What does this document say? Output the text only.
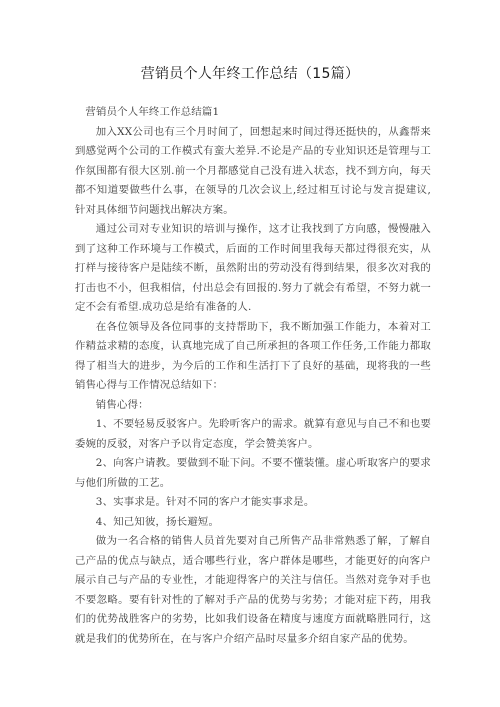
营销员个人年终工作总结（15篇）

营销员个人年终工作总结篇1

加入XX公司也有三个月时间了，回想起来时间过得还挺快的，从鑫帮来到感觉两个公司的工作模式有蛮大差异.不论是产品的专业知识还是管理与工作氛围都有很大区别.前一个月都感觉自己没有进入状态，找不到方向，每天都不知道要做些什么事，在领导的几次会议上,经过相互讨论与发言提建议,针对具体细节问题找出解决方案。

通过公司对专业知识的培训与操作，这才让我找到了方向感，慢慢融入到了这种工作环境与工作模式，后面的工作时间里我每天都过得很充实，从打样与接待客户是陆续不断，虽然附出的劳动没有得到结果，很多次对我的打击也不小，但我相信，付出总会有回报的.努力了就会有希望，不努力就一定不会有希望.成功总是给有准备的人.

在各位领导及各位同事的支持帮助下，我不断加强工作能力，本着对工作精益求精的态度，认真地完成了自己所承担的各项工作任务,工作能力都取得了相当大的进步，为今后的工作和生活打下了良好的基础，现将我的一些销售心得与工作情况总结如下：

销售心得：

1、不要轻易反驳客户。先聆听客户的需求。就算有意见与自己不和也要委婉的反驳，对客户予以肯定态度，学会赞美客户。

2、向客户请教。要做到不耻下问。不要不懂装懂。虚心听取客户的要求与他们所做的工艺。

3、实事求是。针对不同的客户才能实事求是。

4、知己知彼，扬长避短。

做为一名合格的销售人员首先要对自己所售产品非常熟悉了解，了解自己产品的优点与缺点，适合哪些行业，客户群体是哪些，才能更好的向客户展示自己与产品的专业性，才能迎得客户的关注与信任。当然对竞争对手也不要忽略。要有针对性的了解对手产品的优势与劣势；才能对症下药，用我们的优势战胜客户的劣势，比如我们设备在精度与速度方面就略胜同行，这就是我们的优势所在，在与客户介绍产品时尽量多介绍自家产品的优势。
